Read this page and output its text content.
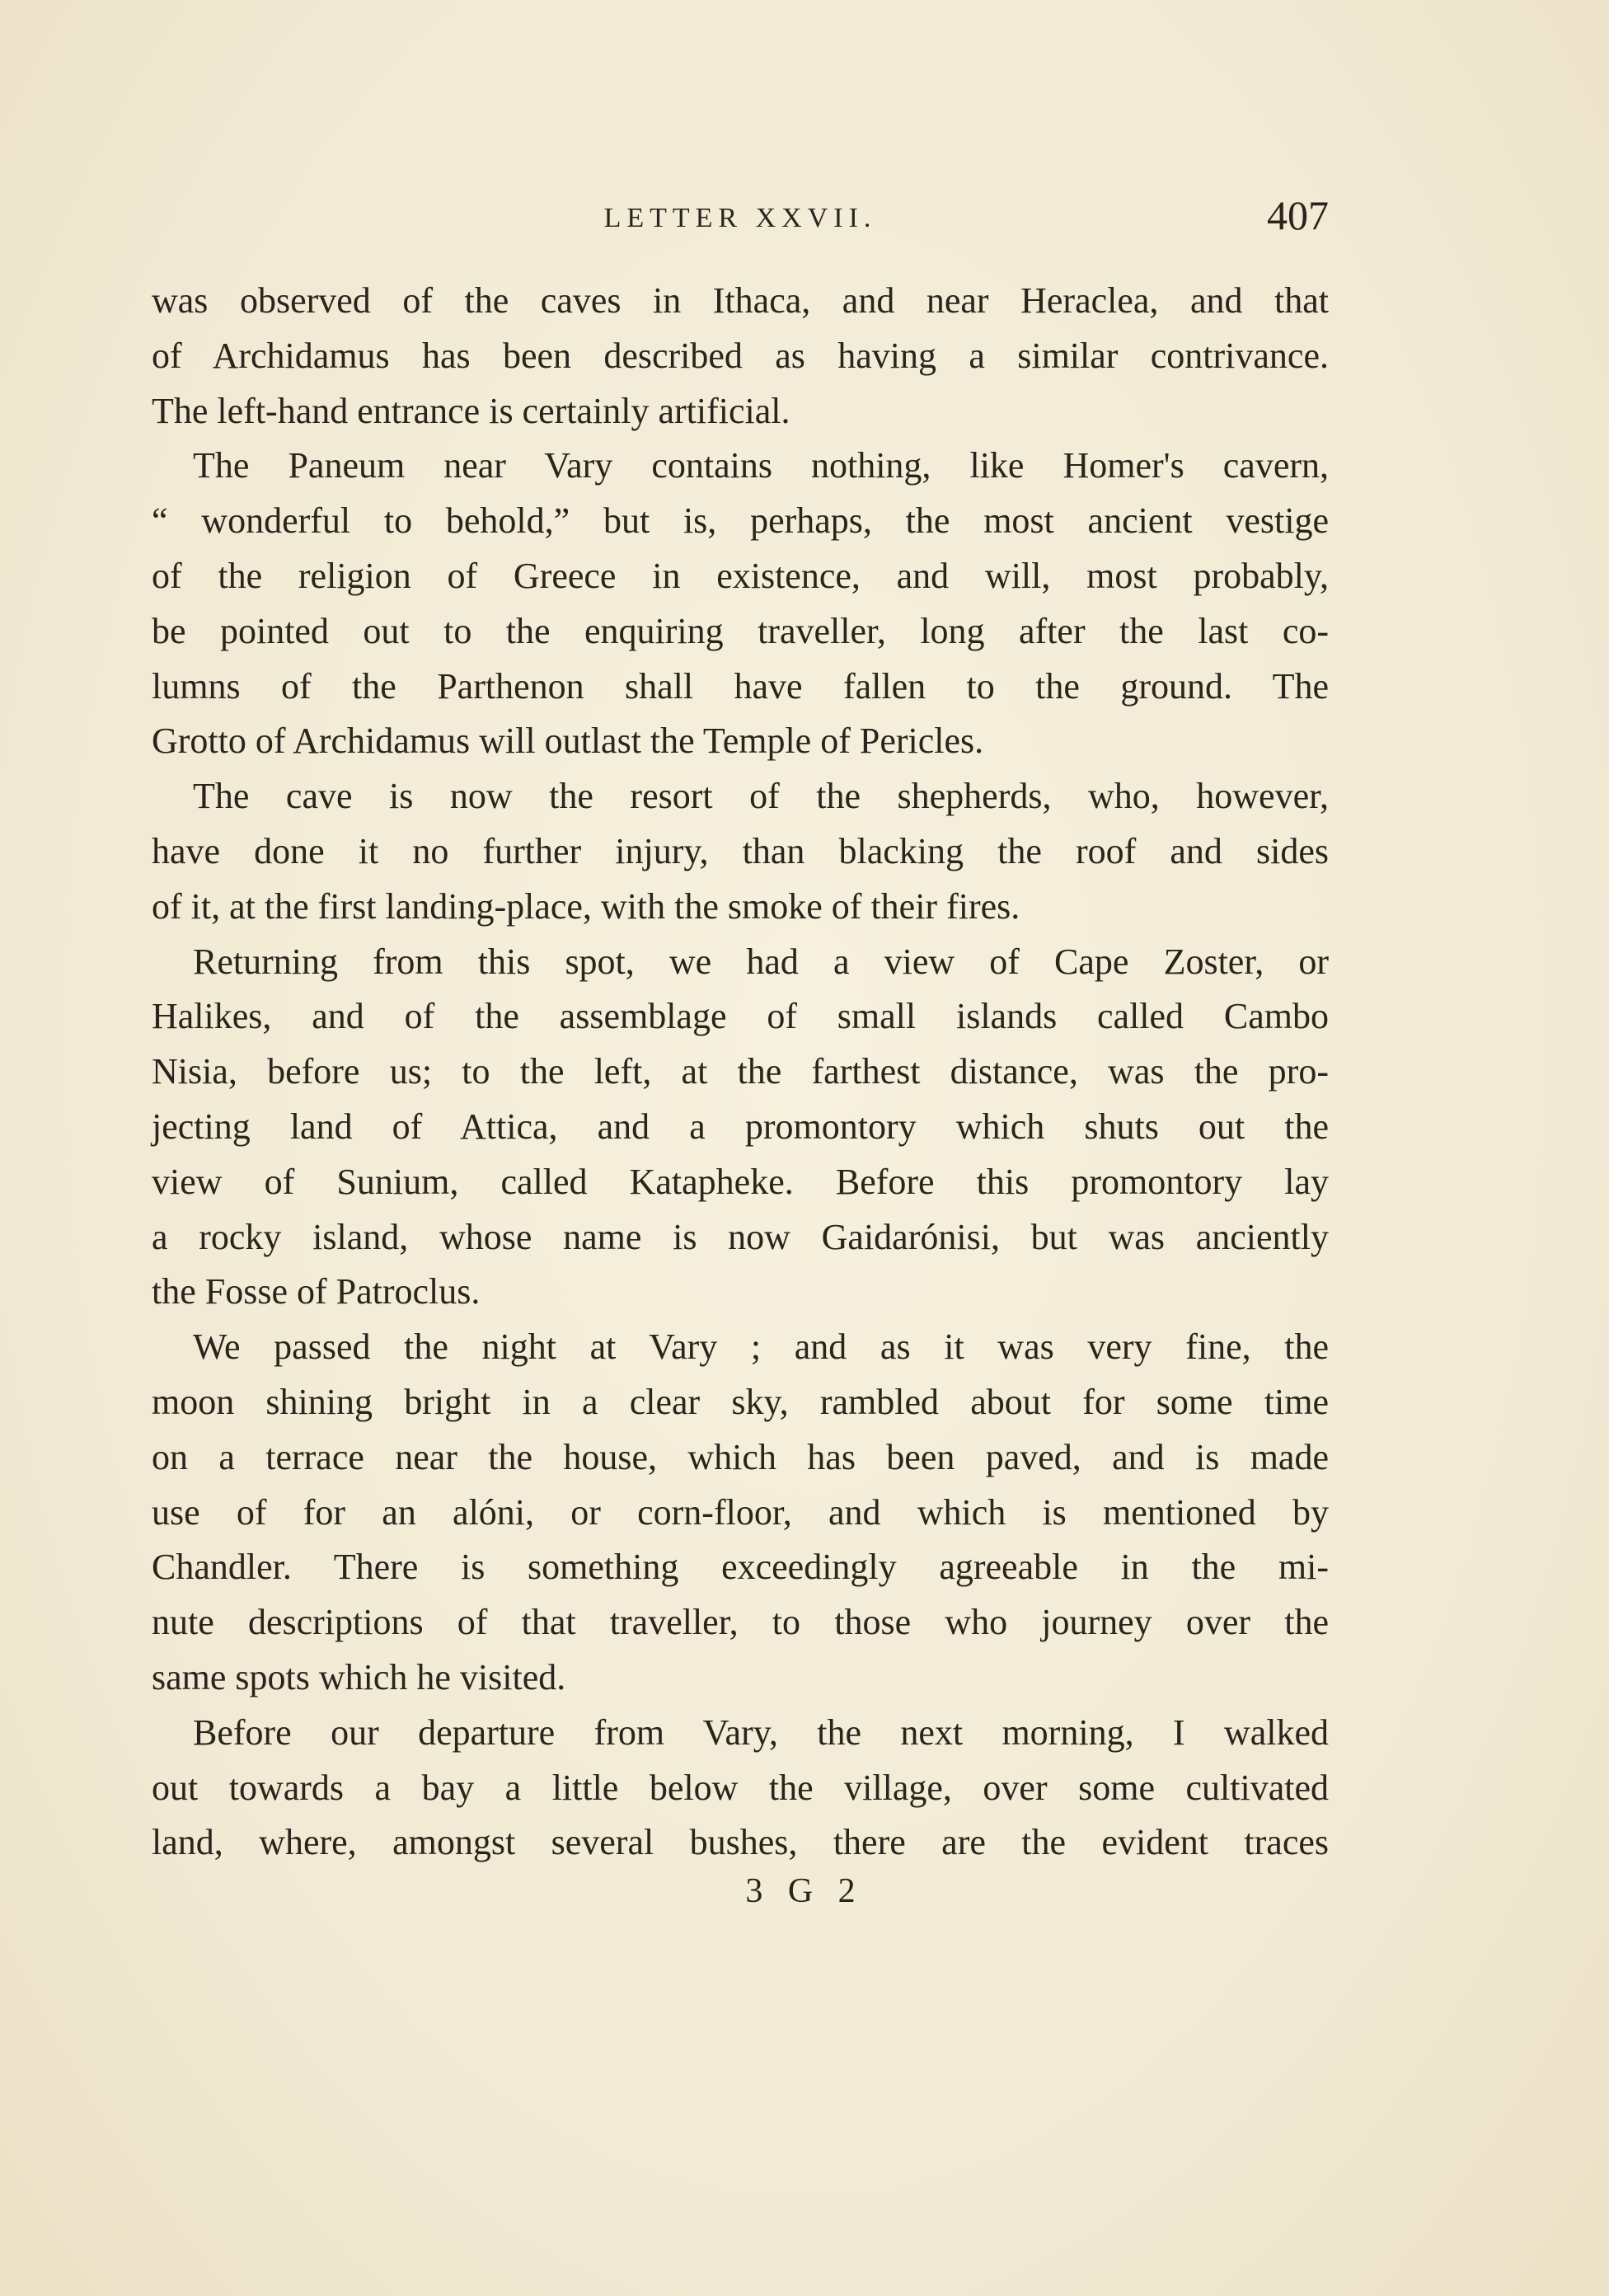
LETTER XXVII.	407
was observed of the caves in Ithaca, and near Heraclea, and that
of Archidamus has been described as having a similar contrivance.
The left-hand entrance is certainly artificial.
The Paneum near Vary contains nothing, like Homer's cavern,
“ wonderful to behold,” but is, perhaps, the most ancient vestige
of the religion of Greece in existence, and will, most probably,
be pointed out to the enquiring traveller, long after the last co-
lumns of the Parthenon shall have fallen to the ground. The
Grotto of Archidamus will outlast the Temple of Pericles.
The cave is now the resort of the shepherds, who, however,
have done it no further injury, than blacking the roof and sides
of it, at the first landing-place, with the smoke of their fires.
Returning from this spot, we had a view of Cape Zoster, or
Halikes, and of the assemblage of small islands called Cambo
Nisia, before us; to the left, at the farthest distance, was the pro-
jecting land of Attica, and a promontory which shuts out the
view of Sunium, called Katapheke. Before this promontory lay
a rocky island, whose name is now Gaidarónisi, but was anciently
the Fosse of Patroclus.
We passed the night at Vary ; and as it was very fine, the
moon shining bright in a clear sky, rambled about for some time
on a terrace near the house, which has been paved, and is made
use of for an alóni, or corn-floor, and which is mentioned by
Chandler. There is something exceedingly agreeable in the mi-
nute descriptions of that traveller, to those who journey over the
same spots which he visited.
Before our departure from Vary, the next morning, I walked
out towards a bay a little below the village, over some cultivated
land, where, amongst several bushes, there are the evident traces
3 G 2
